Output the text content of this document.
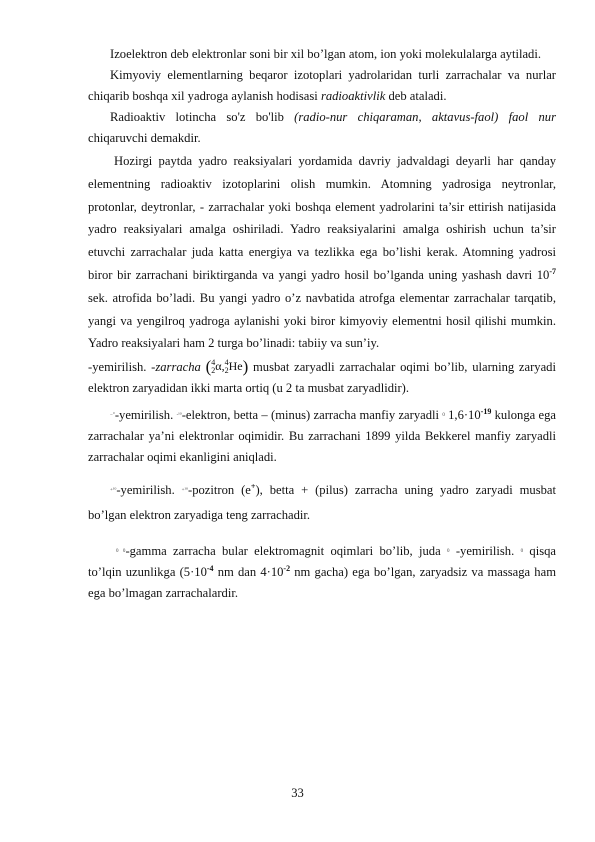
Izoelektron deb elektronlar soni bir xil bo’lgan atom, ion yoki molekulalarga aytiladi.

Kimyoviy elementlarning beqaror izotoplari yadrolaridan turli zarrachalar va nurlar chiqarib boshqa xil yadroga aylanish hodisasi radioaktivlik deb ataladi.

Radioaktiv lotincha so'z bo'lib (radio-nur chiqaraman, aktavus-faol) faol nur chiqaruvchi demakdir.

Hozirgi paytda yadro reaksiyalari yordamida davriy jadvaldagi deyarli har qanday elementning radioaktiv izotoplarini olish mumkin. Atomning yadrosiga neytronlar, protonlar, deytronlar, - zarrachalar yoki boshqa element yadrolarini ta’sir ettirish natijasida yadro reaksiyalari amalga oshiriladi. Yadro reaksiyalarini amalga oshirish uchun ta’sir etuvchi zarrachalar juda katta energiya va tezlikka ega bo’lishi kerak. Atomning yadrosi biror bir zarrachani biriktirganda va yangi yadro hosil bo’lganda uning yashash davri $10^{-7}$ sek. atrofida bo’ladi. Bu yangi yadro o’z navbatida atrofga elementar zarrachalar tarqatib, yangi va yengilroq yadroga aylanishi yoki biror kimyoviy elementni hosil qilishi mumkin. Yadro reaksiyalari ham 2 turga bo’linadi: tabiiy va sun’iy.

-yemirilish. -zarracha ( 4
2 α, 4
2 He) musbat zaryadli zarrachalar oqimi bo’lib, ularning zaryadi elektron zaryadidan ikki marta ortiq (u 2 ta musbat zaryadlidir).

−°-yemirilish. $^{-^{10}}$-elektron, betta – (minus) zarracha manfiy zaryadli $^0$ $1,6\cdot 10^{-19}$ kulonga ega zarrachalar ya’ni elektronlar oqimidir. Bu zarrachani 1899 yilda Bekkerel manfiy zaryadli zarrachalar oqimi ekanligini aniqladi.

$^{+^{10}}$-yemirilish. $^{+^{10}}$-pozitron (e+), betta + (pilus) zarracha uning yadro zaryadi musbat bo’lgan elektron zaryadiga teng zarrachadir.

$^{0 0}$-gamma zarracha bular elektromagnit oqimlari bo’lib, juda $^0$ -yemirilish. $^0$ qisqa to’lqin uzunlikga ($5\cdot 10^{-4}$ nm dan $4\cdot 10^{-2}$ nm gacha) ega bo’lgan, zaryadsiz va massaga ham ega bo’lmagan zarrachalardir.

33
